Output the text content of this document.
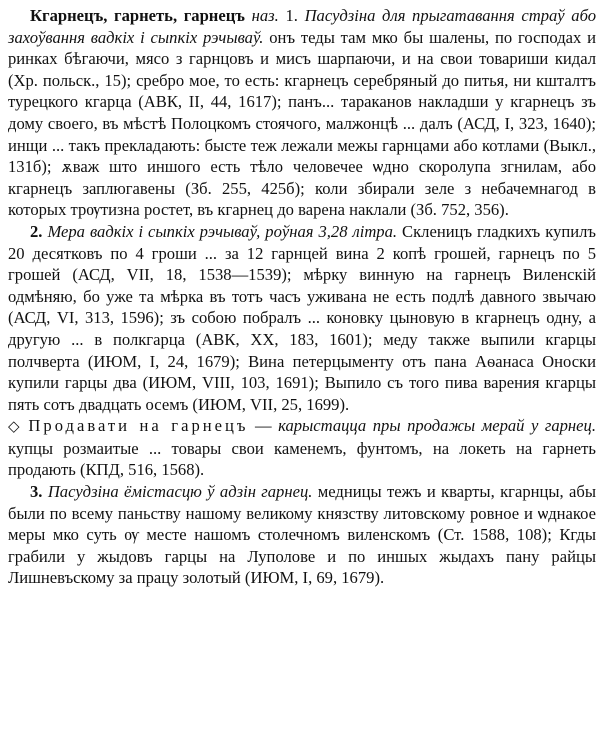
Кгарнецъ, гарнеть, гарнецъ наз. 1. Пасудзіна для прыгатавання страў або захоўвання вадкіх і сыпкіх рэчываў. онъ теды там мко бы шалены, по господах и ринках бѣгаючи, мясо з гарнцовъ и мисъ шарпаючи, и на свои товариши кидал (Хр. польск., 15); сребро мое, то есть: кгарнецъ серебряный до питья, ни кшталтъ турецкого кгарца (АВК, II, 44, 1617); панъ... тараканов накладши у кгарнецъ зъ дому своего, въ мѣстѣ Полоцкомъ стоячого, малжонцѣ ... далъ (АСД, I, 323, 1640); инщи ... такъ прекладають: бысте теж лежали межы гарнцами або котлами (Выкл., 131б); ѫваж што иншого есть тѣло человечее ѡдно скоролупа згнилам, або кгарнецъ заплюгавены (Зб. 255, 425б); коли збирали зеле з небачемнагод в которых трѹтизна ростет, въ кгарнец до варена наклали (Зб. 752, 356).

2. Мера вадкіх і сыпкіх рэчываў, роўная 3,28 літра. Скленицъ гладкихъ купилъ 20 десятковъ по 4 гроши ... за 12 гарнцей вина 2 копѣ грошей, гарнецъ по 5 грошей (АСД, VII, 18, 1538—1539); мѣрку винную на гарнецъ Виленскій одмѣняю, бо уже та мѣрка въ тотъ часъ уживана не есть подлѣ давного звычаю (АСД, VI, 313, 1596); зъ собою побралъ ... коновку цыновую в кгарнецъ одну, а другую ... в полкгарца (АВК, XX, 183, 1601); меду также выпили кгарцы полчверта (ИЮМ, I, 24, 1679); Вина петерцыменту отъ пана Аѳанаса Оноски купили гарцы два (ИЮМ, VIII, 103, 1691); Выпило съ того пива варения кгарцы пять сотъ двадцать осемъ (ИЮМ, VII, 25, 1699).

◇ Продавати на гарнецъ — карыстацца пры продажы мерай у гарнец. купцы розмаитые ... товары свои каменемъ, фунтомъ, на локеть на гарнеть продають (КПД, 516, 1568).

3. Пасудзіна ёмістасцю ў адзін гарнец. медницы тежъ и кварты, кгарнцы, абы были по всему паньству нашому великому князству литовскому ровное и ѡднакое меры мко суть ѹ месте нашомъ столечномъ виленскомъ (Ст. 1588, 108); Кгды грабили у жыдовъ гарцы на Луполове и по иншых жыдахъ пану райцы Лишневъскому за працу золотый (ИЮМ, I, 69, 1679).
